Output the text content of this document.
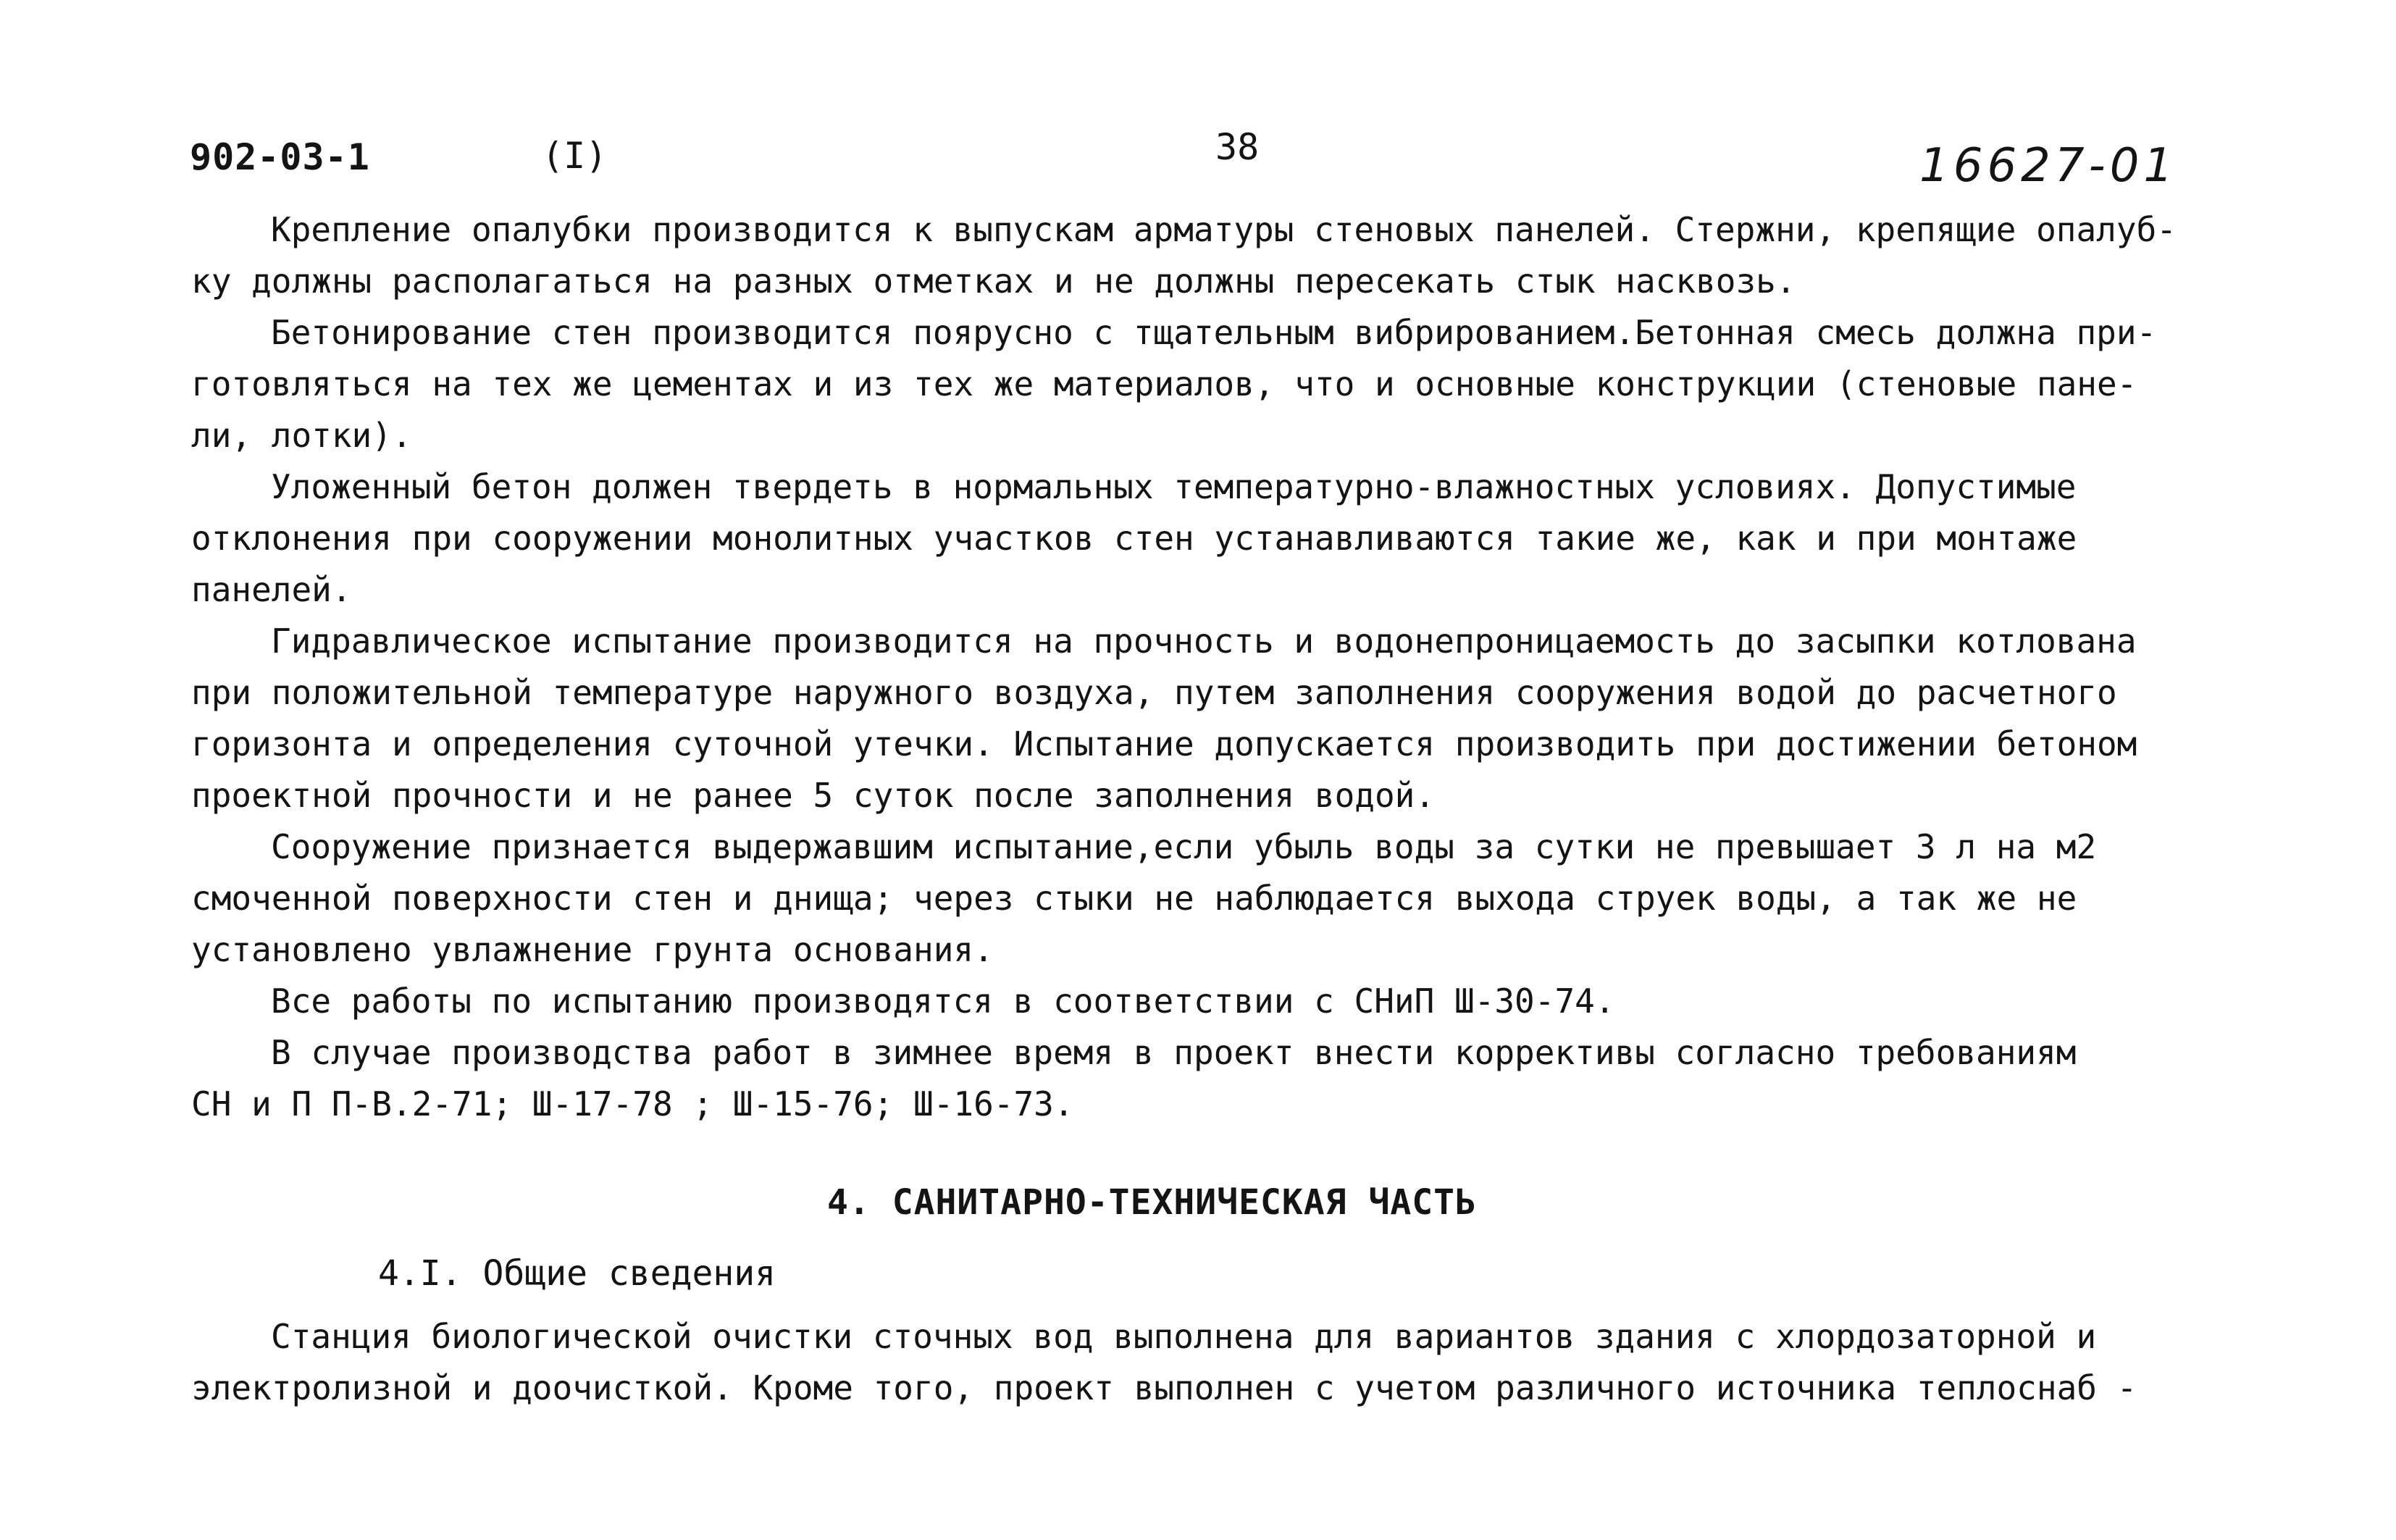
902-03-1	(I)	38	16627-01

Крепление опалубки производится к выпускам арматуры стеновых панелей. Стержни, крепящие опалуб-
ку должны располагаться на разных отметках и не должны пересекать стык насквозь.

Бетонирование стен производится поярусно с тщательным вибрированием.Бетонная смесь должна при-
готовляться на тех же цементах и из тех же материалов, что и основные конструкции (стеновые пане-
ли, лотки).

Уложенный бетон должен твердеть в нормальных температурно-влажностных условиях. Допустимые
отклонения при сооружении монолитных участков стен устанавливаются такие же, как и при монтаже
панелей.

Гидравлическое испытание производится на прочность и водонепроницаемость до засыпки котлована
при положительной температуре наружного воздуха, путем заполнения сооружения водой до расчетного
горизонта и определения суточной утечки. Испытание допускается производить при достижении бетоном
проектной прочности и не ранее 5 суток после заполнения водой.

Сооружение признается выдержавшим испытание,если убыль воды за сутки не превышает 3 л на м2
смоченной поверхности стен и днища; через стыки не наблюдается выхода струек воды, а так же не
установлено увлажнение грунта основания.

Все работы по испытанию производятся в соответствии с СНиП Ш-30-74.

В случае производства работ в зимнее время в проект внести коррективы согласно требованиям
СН и П П-В.2-71; Ш-17-78 ; Ш-15-76; Ш-16-73.

4. САНИТАРНО-ТЕХНИЧЕСКАЯ ЧАСТЬ
4.I. Общие сведения

Станция биологической очистки сточных вод выполнена для вариантов здания с хлордозаторной и
электролизной и доочисткой. Кроме того, проект выполнен с учетом различного источника теплоснаб -
